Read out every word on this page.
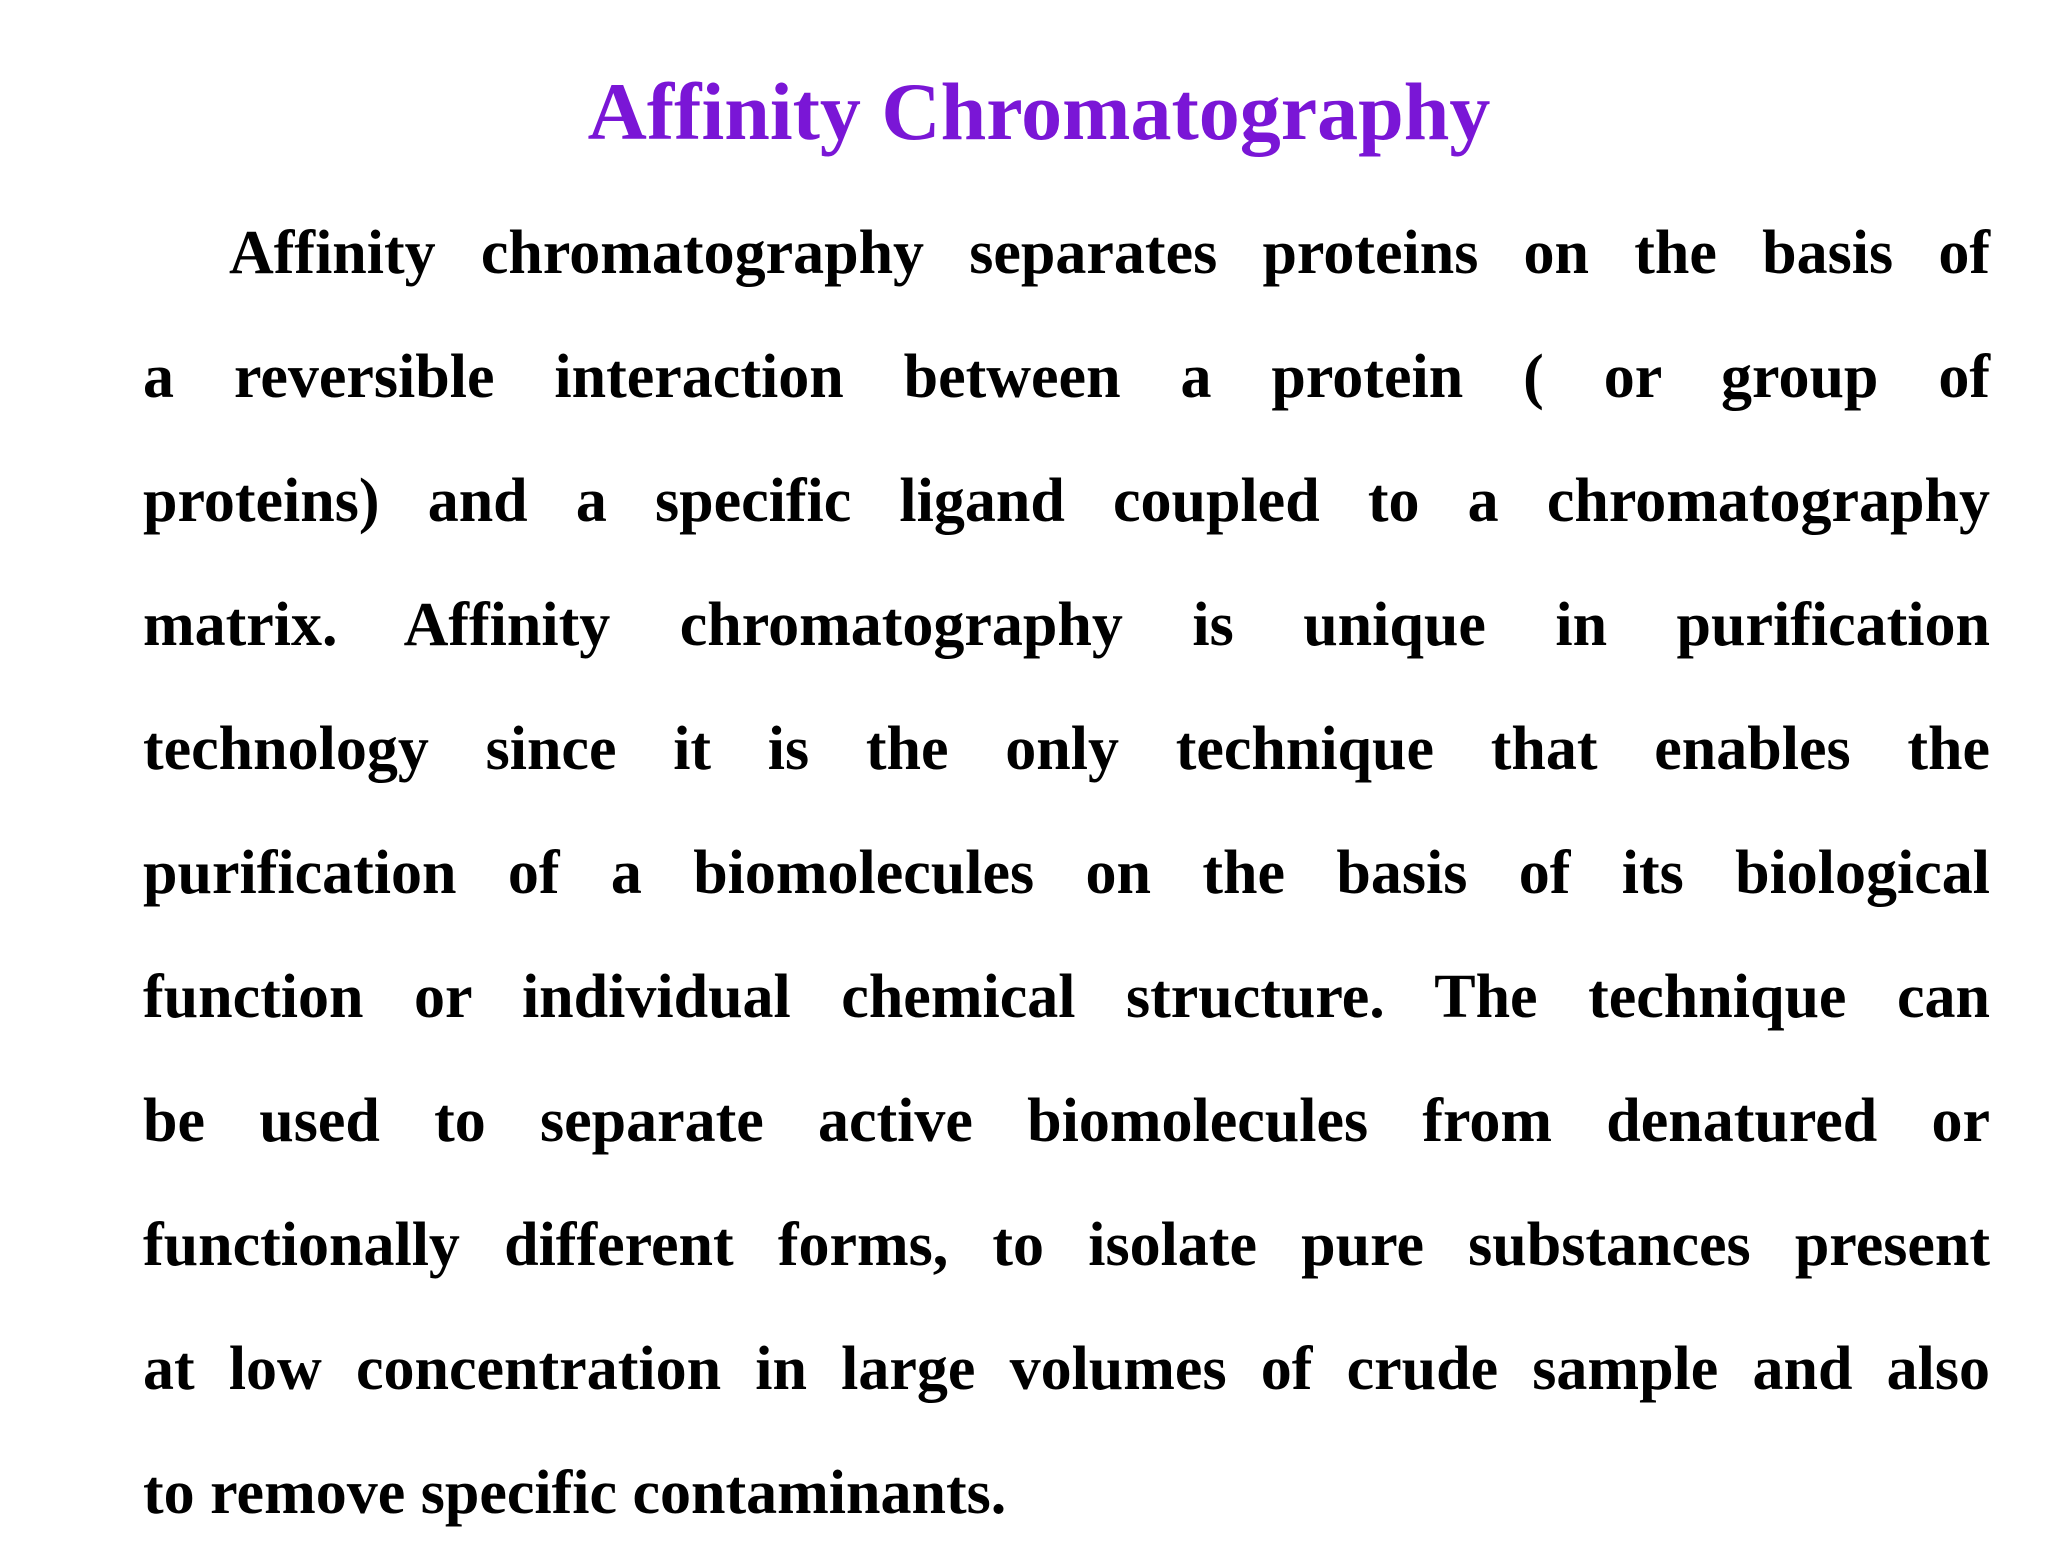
Affinity Chromatography
Affinity chromatography separates proteins on the basis of
a reversible interaction between a protein ( or group of
proteins) and a specific ligand coupled to a chromatography
matrix. Affinity chromatography is unique in purification
technology since it is the only technique that enables the
purification of a biomolecules on the basis of its biological
function or individual chemical structure. The technique can
be used to separate active biomolecules from denatured or
functionally different forms, to isolate pure substances present
at low concentration in large volumes of crude sample and also
to remove specific contaminants.
